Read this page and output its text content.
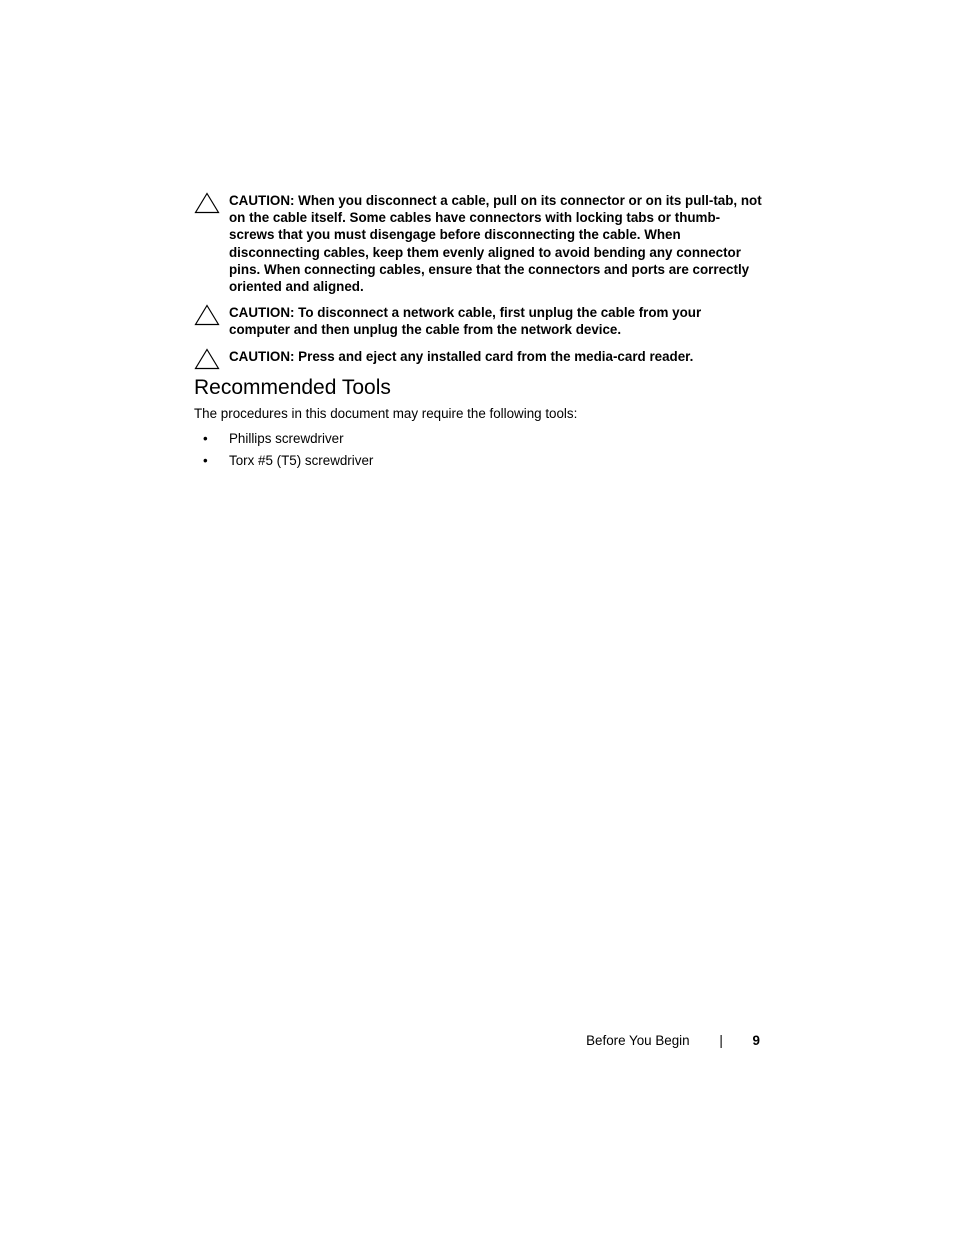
CAUTION: When you disconnect a cable, pull on its connector or on its pull-tab, not on the cable itself. Some cables have connectors with locking tabs or thumb-screws that you must disengage before disconnecting the cable. When disconnecting cables, keep them evenly aligned to avoid bending any connector pins. When connecting cables, ensure that the connectors and ports are correctly oriented and aligned.
CAUTION: To disconnect a network cable, first unplug the cable from your computer and then unplug the cable from the network device.
CAUTION: Press and eject any installed card from the media-card reader.
Recommended Tools

The procedures in this document may require the following tools:

• Phillips screwdriver
• Torx #5 (T5) screwdriver
Before You Begin | 9
